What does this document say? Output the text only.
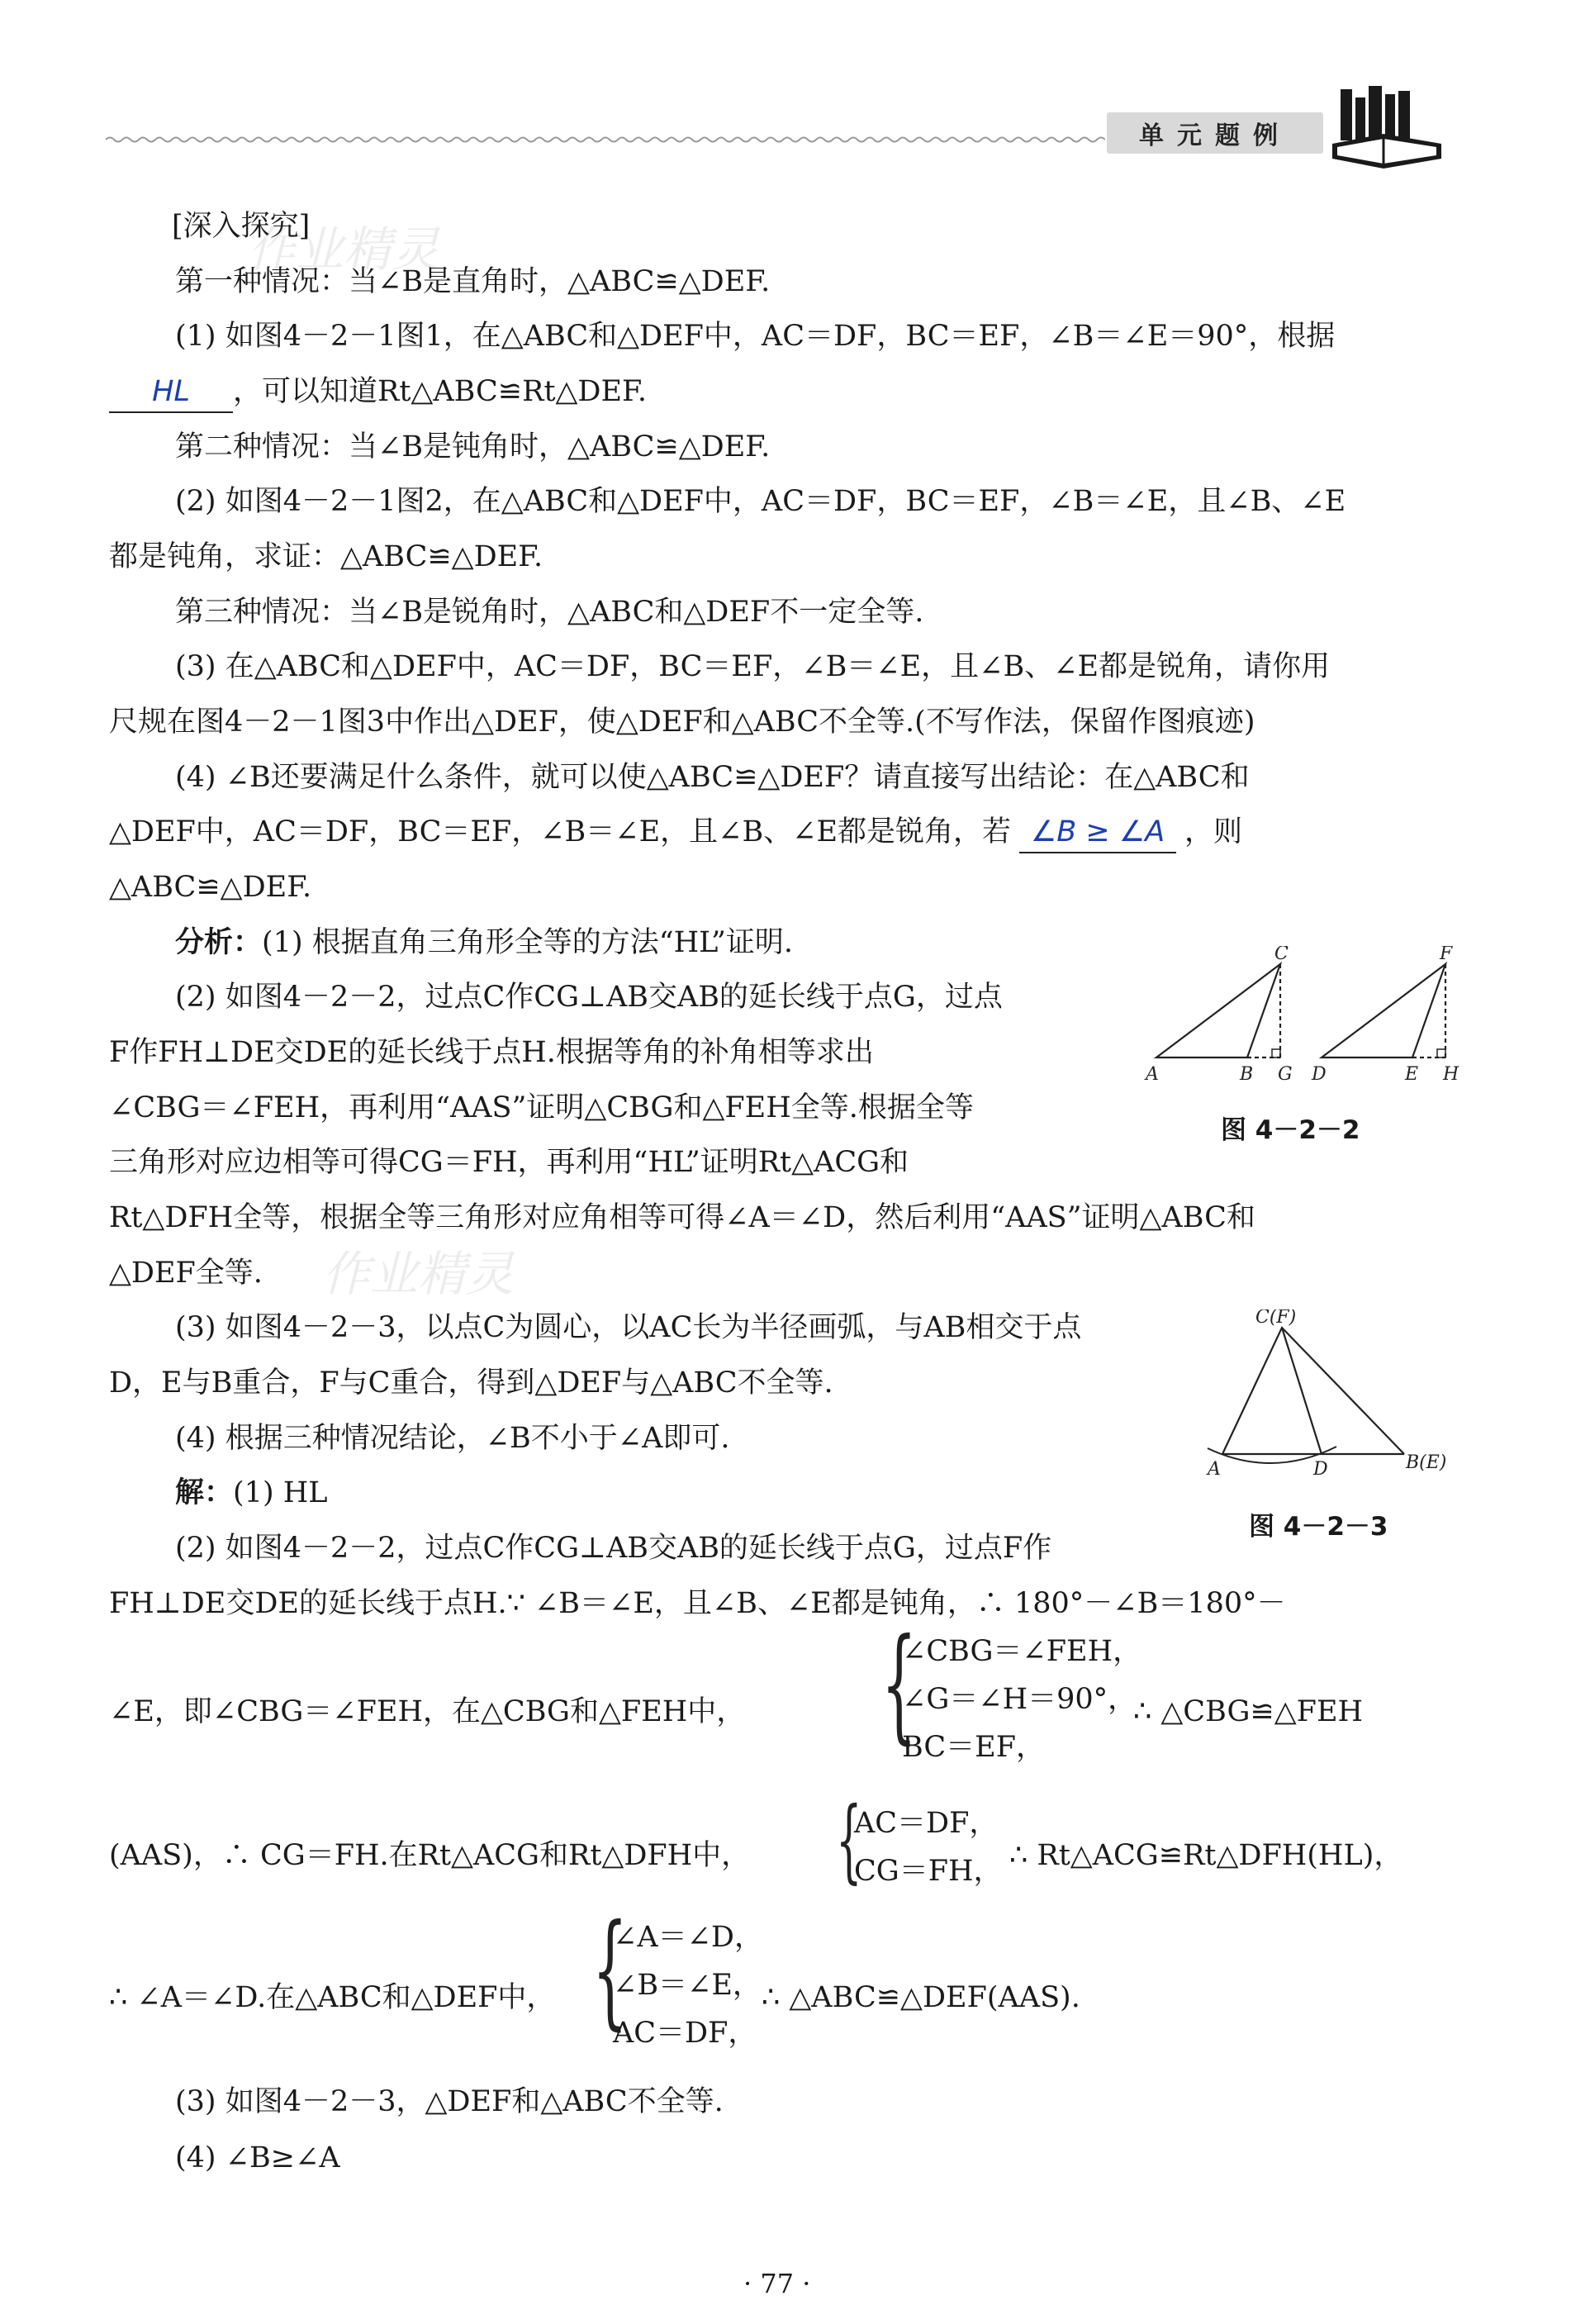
单元题例
作业精灵
作业精灵
[深入探究]
第一种情况：当∠B是直角时，△ABC≌△DEF.
(1) 如图4－2－1图1，在△ABC和△DEF中，AC＝DF，BC＝EF，∠B＝∠E＝90°，根据
HL ，可以知道Rt△ABC≌Rt△DEF.
第二种情况：当∠B是钝角时，△ABC≌△DEF.
(2) 如图4－2－1图2，在△ABC和△DEF中，AC＝DF，BC＝EF，∠B＝∠E，且∠B、∠E
都是钝角，求证：△ABC≌△DEF.
第三种情况：当∠B是锐角时，△ABC和△DEF不一定全等.
(3) 在△ABC和△DEF中，AC＝DF，BC＝EF，∠B＝∠E，且∠B、∠E都是锐角，请你用
尺规在图4－2－1图3中作出△DEF，使△DEF和△ABC不全等.(不写作法，保留作图痕迹)
(4) ∠B还要满足什么条件，就可以使△ABC≌△DEF？请直接写出结论：在△ABC和
△DEF中，AC＝DF，BC＝EF，∠B＝∠E，且∠B、∠E都是锐角，若 ∠B ≥ ∠A ，则
△ABC≌△DEF.
分析：(1) 根据直角三角形全等的方法“HL”证明.
(2) 如图4－2－2，过点C作CG⊥AB交AB的延长线于点G，过点
F作FH⊥DE交DE的延长线于点H.根据等角的补角相等求出
∠CBG＝∠FEH，再利用“AAS”证明△CBG和△FEH全等.根据全等
三角形对应边相等可得CG＝FH，再利用“HL”证明Rt△ACG和
Rt△DFH全等，根据全等三角形对应角相等可得∠A＝∠D，然后利用“AAS”证明△ABC和
△DEF全等.
(3) 如图4－2－3，以点C为圆心，以AC长为半径画弧，与AB相交于点
D，E与B重合，F与C重合，得到△DEF与△ABC不全等.
(4) 根据三种情况结论，∠B不小于∠A即可.
解：(1) HL
(2) 如图4－2－2，过点C作CG⊥AB交AB的延长线于点G，过点F作
FH⊥DE交DE的延长线于点H.∵ ∠B＝∠E，且∠B、∠E都是钝角，∴ 180°－∠B＝180°－
∠E，即∠CBG＝∠FEH，在△CBG和△FEH中， {
∠CBG＝∠FEH，
∠G＝∠H＝90°，
BC＝EF，
∴ △CBG≌△FEH
(AAS)，∴ CG＝FH.在Rt△ACG和Rt△DFH中， {
AC＝DF，
CG＝FH， ∴ Rt△ACG≌Rt△DFH(HL)，
∴ ∠A＝∠D.在△ABC和△DEF中， {
∠A＝∠D，
∠B＝∠E，
AC＝DF，
∴ △ABC≌△DEF(AAS).
(3) 如图4－2－3，△DEF和△ABC不全等.
(4) ∠B≥∠A
A	B G
C
D	E H
F
图 4－2－2
C(F)
A	D	B(E)
图 4－2－3
· 77 ·
